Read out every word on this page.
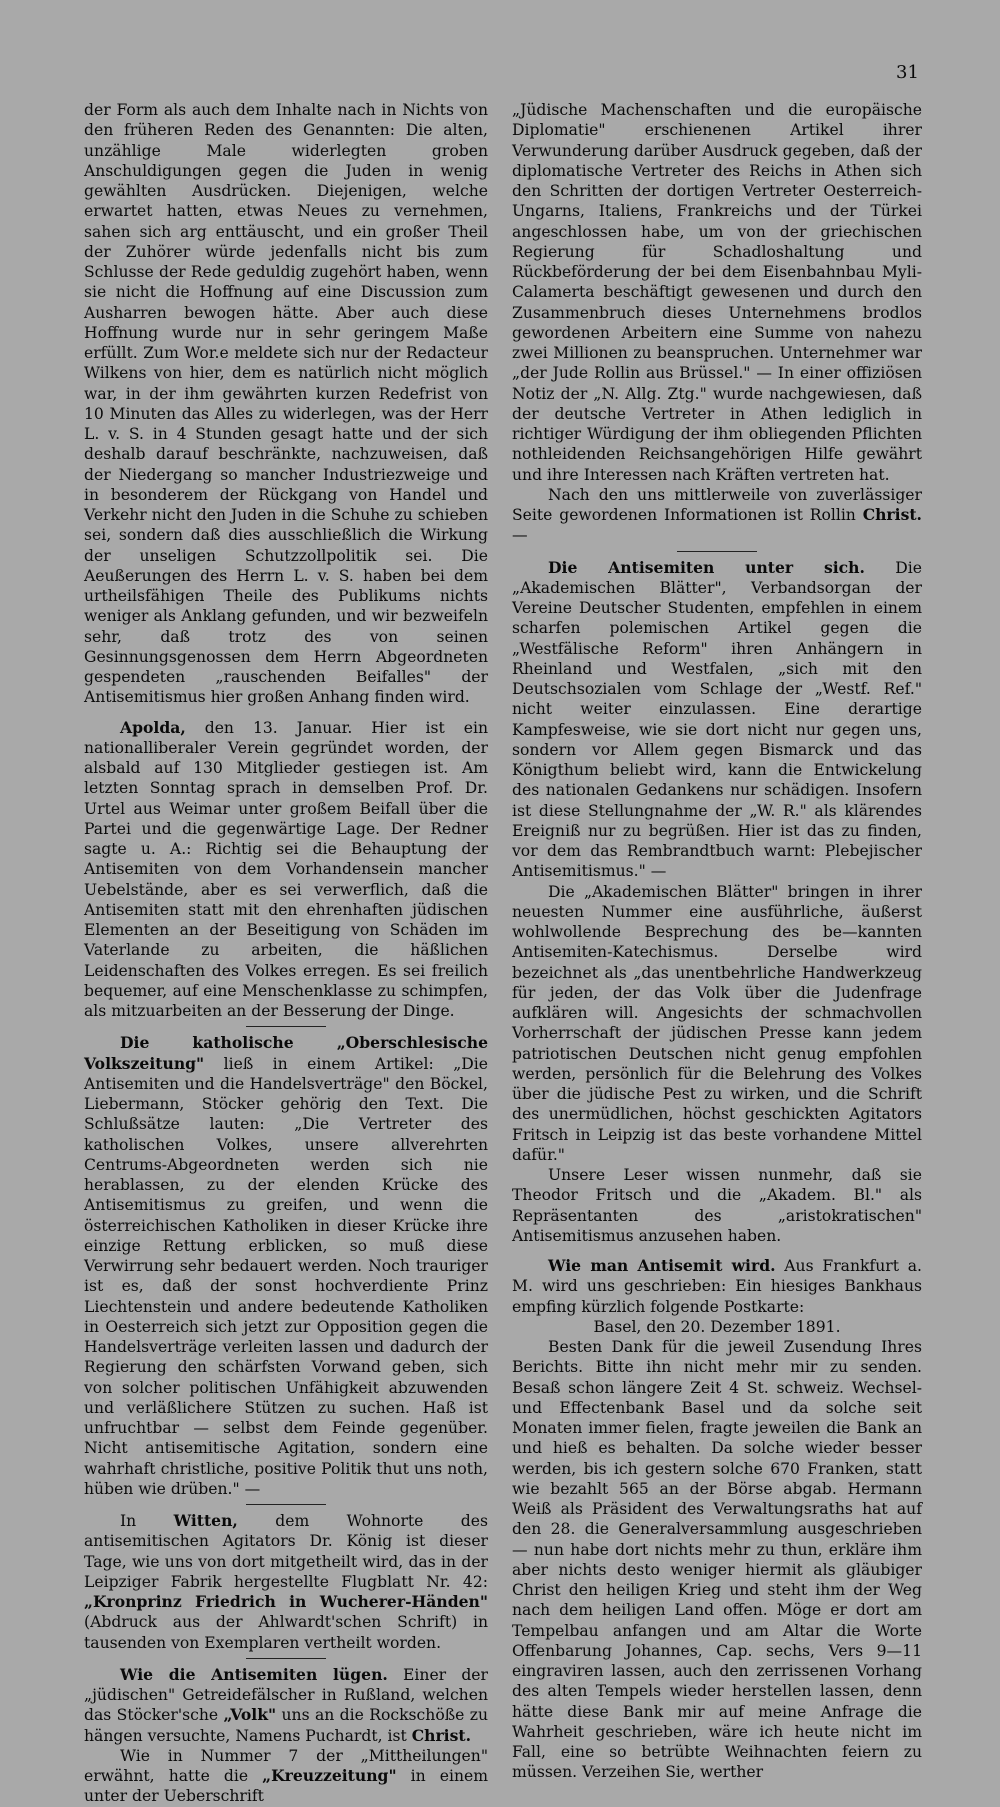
31

der Form als auch dem Inhalte nach in Nichts von den früheren Reden des Genannten: Die alten, unzählige Male widerlegten groben Anschuldigungen gegen die Juden in wenig gewählten Ausdrücken. Diejenigen, welche erwartet hatten, etwas Neues zu vernehmen, sahen sich arg enttäuscht, und ein großer Theil der Zuhörer würde jedenfalls nicht bis zum Schlusse der Rede geduldig zugehört haben, wenn sie nicht die Hoffnung auf eine Discussion zum Ausharren bewogen hätte. Aber auch diese Hoffnung wurde nur in sehr geringem Maße erfüllt. Zum Wor.e meldete sich nur der Redacteur Wilkens von hier, dem es natürlich nicht möglich war, in der ihm gewährten kurzen Redefrist von 10 Minuten das Alles zu widerlegen, was der Herr L. v. S. in 4 Stunden gesagt hatte und der sich deshalb darauf beschränkte, nachzuweisen, daß der Niedergang so mancher Industriezweige und in besonderem der Rückgang von Handel und Verkehr nicht den Juden in die Schuhe zu schieben sei, sondern daß dies ausschließlich die Wirkung der unseligen Schutzzollpolitik sei. Die Aeußerungen des Herrn L. v. S. haben bei dem urtheilsfähigen Theile des Publikums nichts weniger als Anklang gefunden, und wir bezweifeln sehr, daß trotz des von seinen Gesinnungsgenossen dem Herrn Abgeordneten gespendeten „rauschenden Beifalles" der Antisemitismus hier großen Anhang finden wird.

Apolda, den 13. Januar. Hier ist ein nationalliberaler Verein gegründet worden, der alsbald auf 130 Mitglieder gestiegen ist. Am letzten Sonntag sprach in demselben Prof. Dr. Urtel aus Weimar unter großem Beifall über die Partei und die gegenwärtige Lage. Der Redner sagte u. A.: Richtig sei die Behauptung der Antisemiten von dem Vorhandensein mancher Uebelstände, aber es sei verwerflich, daß die Antisemiten statt mit den ehrenhaften jüdischen Elementen an der Beseitigung von Schäden im Vaterlande zu arbeiten, die häßlichen Leidenschaften des Volkes erregen. Es sei freilich bequemer, auf eine Menschenklasse zu schimpfen, als mitzuarbeiten an der Besserung der Dinge.

Die katholische „Oberschlesische Volkszeitung" ließ in einem Artikel: „Die Antisemiten und die Handelsverträge" den Böckel, Liebermann, Stöcker gehörig den Text. Die Schlußsätze lauten: „Die Vertreter des katholischen Volkes, unsere allverehrten Centrums-Abgeordneten werden sich nie herablassen, zu der elenden Krücke des Antisemitismus zu greifen, und wenn die österreichischen Katholiken in dieser Krücke ihre einzige Rettung erblicken, so muß diese Verwirrung sehr bedauert werden. Noch trauriger ist es, daß der sonst hochverdiente Prinz Liechtenstein und andere bedeutende Katholiken in Oesterreich sich jetzt zur Opposition gegen die Handelsverträge verleiten lassen und dadurch der Regierung den schärfsten Vorwand geben, sich von solcher politischen Unfähigkeit abzuwenden und verläßlichere Stützen zu suchen. Haß ist unfruchtbar — selbst dem Feinde gegenüber. Nicht antisemitische Agitation, sondern eine wahrhaft christliche, positive Politik thut uns noth, hüben wie drüben." —

In Witten, dem Wohnorte des antisemitischen Agitators Dr. König ist dieser Tage, wie uns von dort mitgetheilt wird, das in der Leipziger Fabrik hergestellte Flugblatt Nr. 42: „Kronprinz Friedrich in Wucherer-Händen" (Abdruck aus der Ahlwardt'schen Schrift) in tausenden von Exemplaren vertheilt worden.

Wie die Antisemiten lügen. Einer der „jüdischen" Getreidefälscher in Rußland, welchen das Stöcker'sche „Volk" uns an die Rockschöße zu hängen versuchte, Namens Puchardt, ist Christ.

Wie in Nummer 7 der „Mittheilungen" erwähnt, hatte die „Kreuzzeitung" in einem unter der Ueberschrift

„Jüdische Machenschaften und die europäische Diplomatie" erschienenen Artikel ihrer Verwunderung darüber Ausdruck gegeben, daß der diplomatische Vertreter des Reichs in Athen sich den Schritten der dortigen Vertreter Oesterreich-Ungarns, Italiens, Frankreichs und der Türkei angeschlossen habe, um von der griechischen Regierung für Schadloshaltung und Rückbeförderung der bei dem Eisenbahnbau Myli-Calamerta beschäftigt gewesenen und durch den Zusammenbruch dieses Unternehmens brodlos gewordenen Arbeitern eine Summe von nahezu zwei Millionen zu beanspruchen. Unternehmer war „der Jude Rollin aus Brüssel." — In einer offiziösen Notiz der „N. Allg. Ztg." wurde nachgewiesen, daß der deutsche Vertreter in Athen lediglich in richtiger Würdigung der ihm obliegenden Pflichten nothleidenden Reichsangehörigen Hilfe gewährt und ihre Interessen nach Kräften vertreten hat.

Nach den uns mittlerweile von zuverlässiger Seite gewordenen Informationen ist Rollin Christ. —

Die Antisemiten unter sich. Die „Akademischen Blätter", Verbandsorgan der Vereine Deutscher Studenten, empfehlen in einem scharfen polemischen Artikel gegen die „Westfälische Reform" ihren Anhängern in Rheinland und Westfalen, „sich mit den Deutschsozialen vom Schlage der „Westf. Ref." nicht weiter einzulassen. Eine derartige Kampfesweise, wie sie dort nicht nur gegen uns, sondern vor Allem gegen Bismarck und das Königthum beliebt wird, kann die Entwickelung des nationalen Gedankens nur schädigen. Insofern ist diese Stellungnahme der „W. R." als klärendes Ereigniß nur zu begrüßen. Hier ist das zu finden, vor dem das Rembrandtbuch warnt: Plebejischer Antisemitismus." —

Die „Akademischen Blätter" bringen in ihrer neuesten Nummer eine ausführliche, äußerst wohlwollende Besprechung des be—kannten Antisemiten-Katechismus. Derselbe wird bezeichnet als „das unentbehrliche Handwerkzeug für jeden, der das Volk über die Judenfrage aufklären will. Angesichts der schmachvollen Vorherrschaft der jüdischen Presse kann jedem patriotischen Deutschen nicht genug empfohlen werden, persönlich für die Belehrung des Volkes über die jüdische Pest zu wirken, und die Schrift des unermüdlichen, höchst geschickten Agitators Fritsch in Leipzig ist das beste vorhandene Mittel dafür."

Unsere Leser wissen nunmehr, daß sie Theodor Fritsch und die „Akadem. Bl." als Repräsentanten des „aristokratischen" Antisemitismus anzusehen haben.

Wie man Antisemit wird. Aus Frankfurt a. M. wird uns geschrieben: Ein hiesiges Bankhaus empfing kürzlich folgende Postkarte:

Basel, den 20. Dezember 1891.

Besten Dank für die jeweil Zusendung Ihres Berichts. Bitte ihn nicht mehr mir zu senden. Besaß schon längere Zeit 4 St. schweiz. Wechsel- und Effectenbank Basel und da solche seit Monaten immer fielen, fragte jeweilen die Bank an und hieß es behalten. Da solche wieder besser werden, bis ich gestern solche 670 Franken, statt wie bezahlt 565 an der Börse abgab. Hermann Weiß als Präsident des Verwaltungsraths hat auf den 28. die Generalversammlung ausgeschrieben — nun habe dort nichts mehr zu thun, erkläre ihm aber nichts desto weniger hiermit als gläubiger Christ den heiligen Krieg und steht ihm der Weg nach dem heiligen Land offen. Möge er dort am Tempelbau anfangen und am Altar die Worte Offenbarung Johannes, Cap. sechs, Vers 9—11 eingraviren lassen, auch den zerrissenen Vorhang des alten Tempels wieder herstellen lassen, denn hätte diese Bank mir auf meine Anfrage die Wahrheit geschrieben, wäre ich heute nicht im Fall, eine so betrübte Weihnachten feiern zu müssen. Verzeihen Sie, werther
